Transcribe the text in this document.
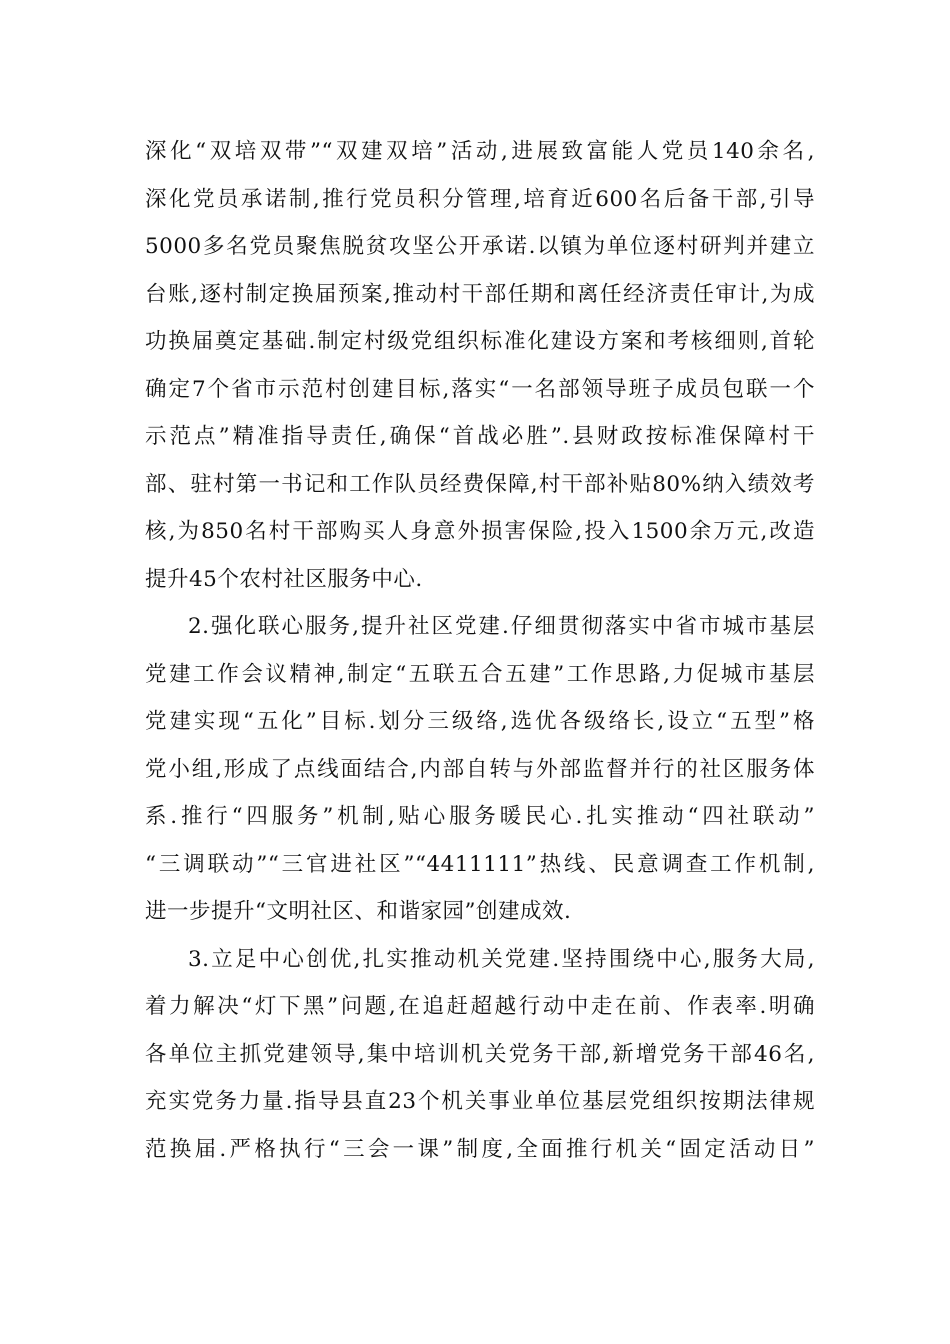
深化“双培双带”“双建双培”活动,进展致富能人党员140余名,
深化党员承诺制,推行党员积分管理,培育近600名后备干部,引导
5000多名党员聚焦脱贫攻坚公开承诺.以镇为单位逐村研判并建立
台账,逐村制定换届预案,推动村干部任期和离任经济责任审计,为成
功换届奠定基础.制定村级党组织标准化建设方案和考核细则,首轮
确定7个省市示范村创建目标,落实“一名部领导班子成员包联一个
示范点”精准指导责任,确保“首战必胜”.县财政按标准保障村干
部、驻村第一书记和工作队员经费保障,村干部补贴80%纳入绩效考
核,为850名村干部购买人身意外损害保险,投入1500余万元,改造
提升45个农村社区服务中心.
2.强化联心服务,提升社区党建.仔细贯彻落实中省市城市基层
党建工作会议精神,制定“五联五合五建”工作思路,力促城市基层
党建实现“五化”目标.划分三级络,选优各级络长,设立“五型”格
党小组,形成了点线面结合,内部自转与外部监督并行的社区服务体
系.推行“四服务”机制,贴心服务暖民心.扎实推动“四社联动”
“三调联动”“三官进社区”“4411111”热线、民意调查工作机制,
进一步提升“文明社区、和谐家园”创建成效.
3.立足中心创优,扎实推动机关党建.坚持围绕中心,服务大局,
着力解决“灯下黑”问题,在追赶超越行动中走在前、作表率.明确
各单位主抓党建领导,集中培训机关党务干部,新增党务干部46名,
充实党务力量.指导县直23个机关事业单位基层党组织按期法律规
范换届.严格执行“三会一课”制度,全面推行机关“固定活动日”
